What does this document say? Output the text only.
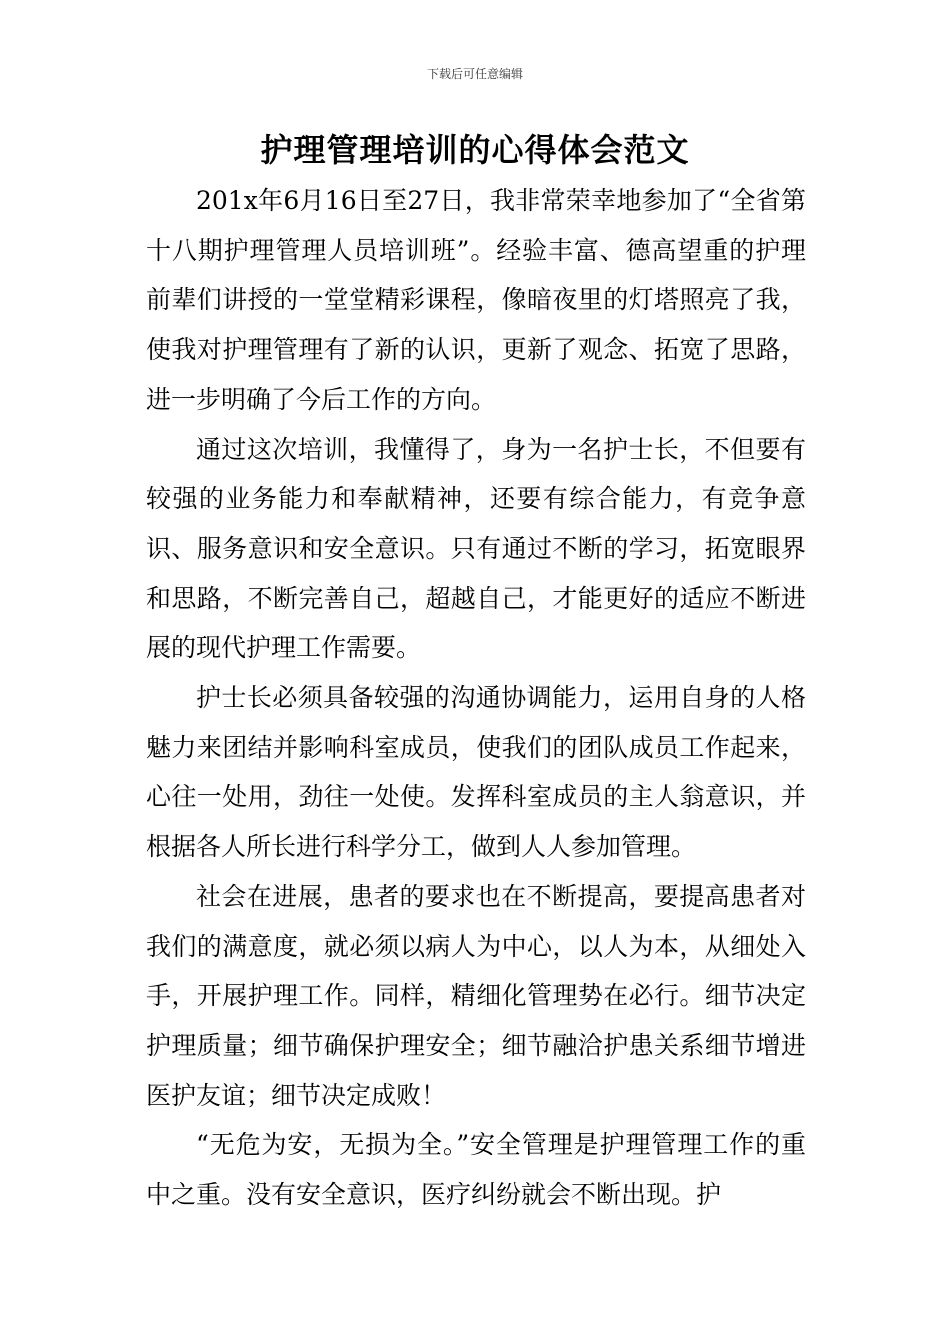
下载后可任意编辑
护理管理培训的心得体会范文

201x年6月16日至27日，我非常荣幸地参加了“全省第十八期护理管理人员培训班”。经验丰富、德高望重的护理前辈们讲授的一堂堂精彩课程，像暗夜里的灯塔照亮了我，使我对护理管理有了新的认识，更新了观念、拓宽了思路，进一步明确了今后工作的方向。

通过这次培训，我懂得了，身为一名护士长，不但要有较强的业务能力和奉献精神，还要有综合能力，有竞争意识、服务意识和安全意识。只有通过不断的学习，拓宽眼界和思路，不断完善自己，超越自己，才能更好的适应不断进展的现代护理工作需要。

护士长必须具备较强的沟通协调能力，运用自身的人格魅力来团结并影响科室成员，使我们的团队成员工作起来，心往一处用，劲往一处使。发挥科室成员的主人翁意识，并根据各人所长进行科学分工，做到人人参加管理。

社会在进展，患者的要求也在不断提高，要提高患者对我们的满意度，就必须以病人为中心，以人为本，从细处入手，开展护理工作。同样，精细化管理势在必行。细节决定护理质量；细节确保护理安全；细节融洽护患关系细节增进医护友谊；细节决定成败！

“无危为安，无损为全。”安全管理是护理管理工作的重中之重。没有安全意识，医疗纠纷就会不断出现。护
